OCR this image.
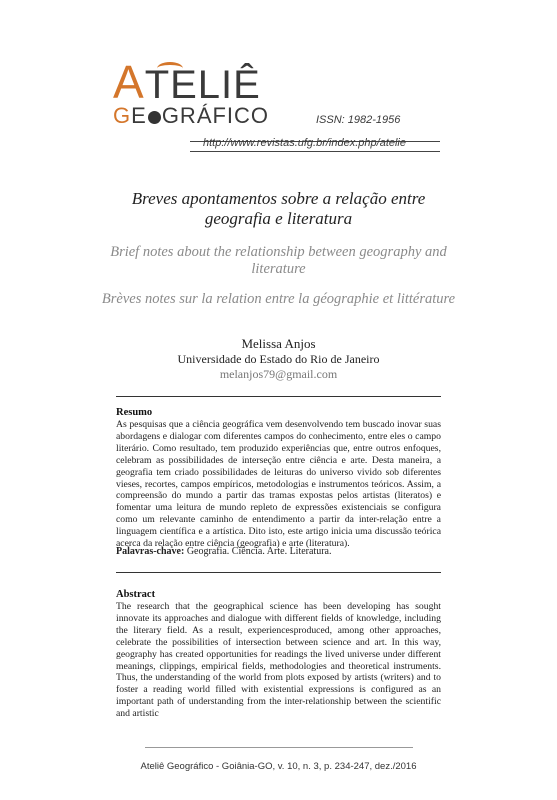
ATELIÊ
GE GRÁFICO	ISSN: 1982-1956
http://www.revistas.ufg.br/index.php/atelie
Breves apontamentos sobre a relação entre geografia e literatura
Brief notes about the relationship between geography and literature
Brèves notes sur la relation entre la géographie et littérature
Melissa Anjos
Universidade do Estado do Rio de Janeiro
melanjos79@gmail.com
Resumo
As pesquisas que a ciência geográfica vem desenvolvendo tem buscado inovar suas abordagens e dialogar com diferentes campos do conhecimento, entre eles o campo literário. Como resultado, tem produzido experiências que, entre outros enfoques, celebram as possibilidades de interseção entre ciência e arte. Desta maneira, a geografia tem criado possibilidades de leituras do universo vivido sob diferentes vieses, recortes, campos empíricos, metodologias e instrumentos teóricos. Assim, a compreensão do mundo a partir das tramas expostas pelos artistas (literatos) e fomentar uma leitura de mundo repleto de expressões existenciais se configura como um relevante caminho de entendimento a partir da inter-relação entre a linguagem científica e a artística. Dito isto, este artigo inicia uma discussão teórica acerca da relação entre ciência (geografia) e arte (literatura).
Palavras-chave: Geografia. Ciência. Arte. Literatura.
Abstract
The research that the geographical science has been developing has sought innovate its approaches and dialogue with different fields of knowledge, including the literary field. As a result, experiencesproduced, among other approaches, celebrate the possibilities of intersection between science and art. In this way, geography has created opportunities for readings the lived universe under different meanings, clippings, empirical fields, methodologies and theoretical instruments. Thus, the understanding of the world from plots exposed by artists (writers) and to foster a reading world filled with existential expressions is configured as an important path of understanding from the inter-relationship between the scientific and artistic
Ateliê Geográfico - Goiânia-GO, v. 10, n. 3, p. 234-247, dez./2016
